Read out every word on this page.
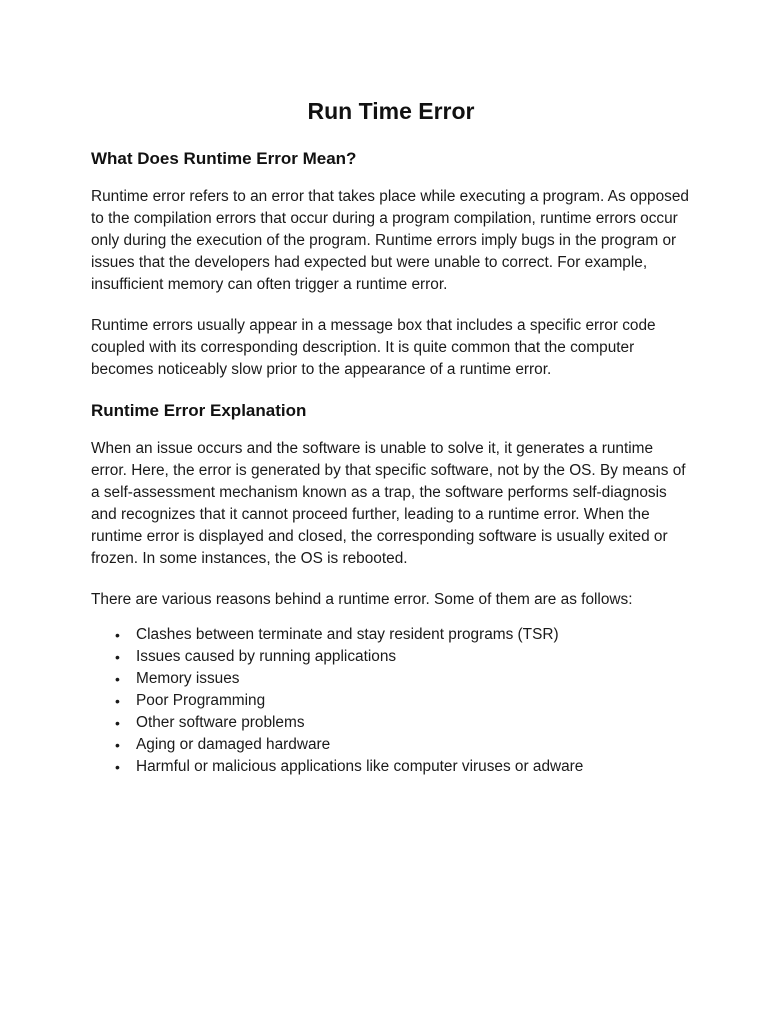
Run Time Error
What Does Runtime Error Mean?

Runtime error refers to an error that takes place while executing a program. As opposed to the compilation errors that occur during a program compilation, runtime errors occur only during the execution of the program. Runtime errors imply bugs in the program or issues that the developers had expected but were unable to correct. For example, insufficient memory can often trigger a runtime error.

Runtime errors usually appear in a message box that includes a specific error code coupled with its corresponding description. It is quite common that the computer becomes noticeably slow prior to the appearance of a runtime error.

Runtime Error Explanation

When an issue occurs and the software is unable to solve it, it generates a runtime error. Here, the error is generated by that specific software, not by the OS. By means of a self-assessment mechanism known as a trap, the software performs self-diagnosis and recognizes that it cannot proceed further, leading to a runtime error. When the runtime error is displayed and closed, the corresponding software is usually exited or frozen. In some instances, the OS is rebooted.

There are various reasons behind a runtime error. Some of them are as follows:

• Clashes between terminate and stay resident programs (TSR)
• Issues caused by running applications
• Memory issues
• Poor Programming
• Other software problems
• Aging or damaged hardware
• Harmful or malicious applications like computer viruses or adware
